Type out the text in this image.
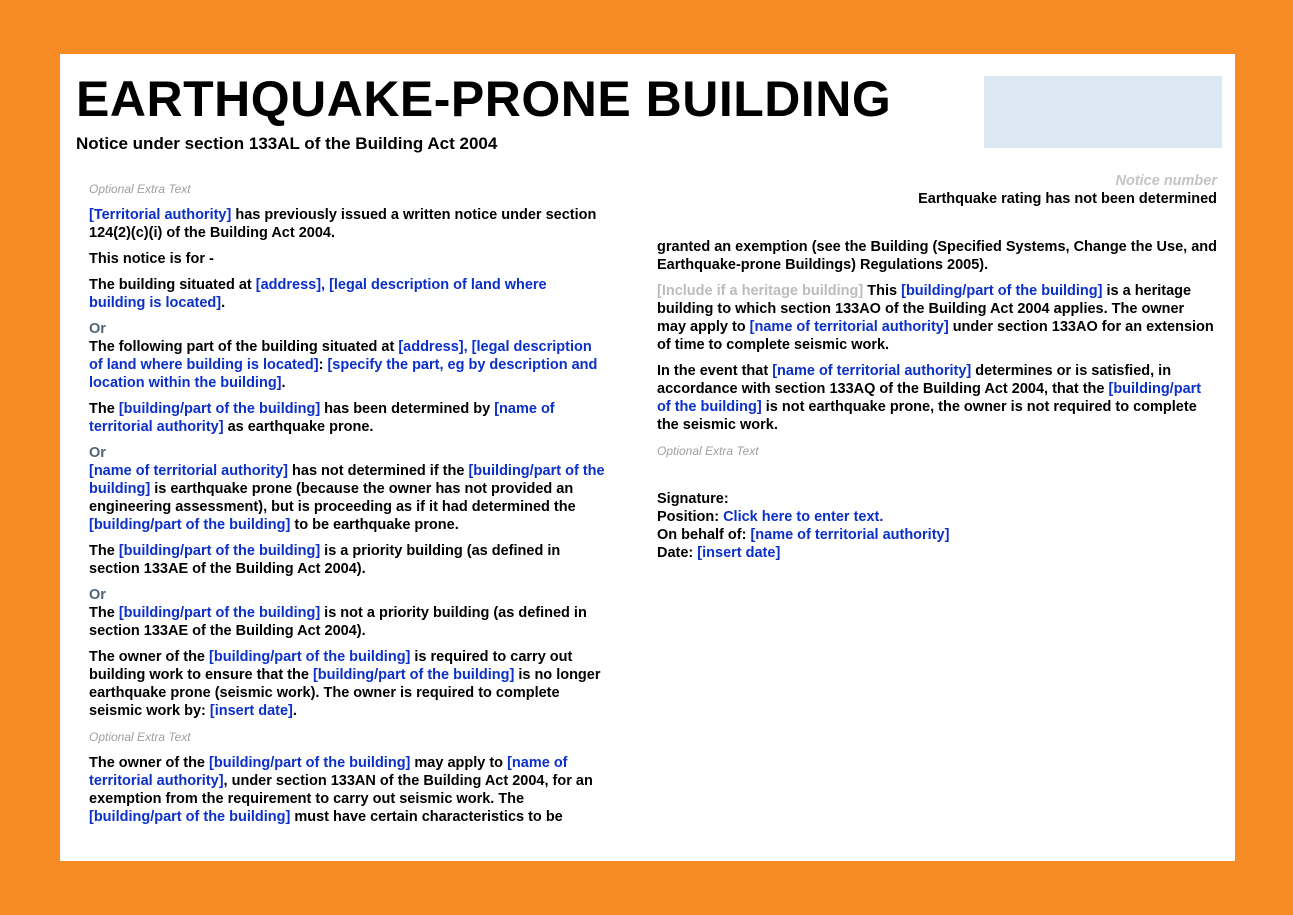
EARTHQUAKE-PRONE BUILDING

Notice under section 133AL of the Building Act 2004

Optional Extra Text

[Territorial authority] has previously issued a written notice under section 124(2)(c)(i) of the Building Act 2004.

This notice is for -

The building situated at [address], [legal description of land where building is located].

Or

The following part of the building situated at [address], [legal description of land where building is located]: [specify the part, eg by description and location within the building].

The [building/part of the building] has been determined by [name of territorial authority] as earthquake prone.

Or

[name of territorial authority] has not determined if the [building/part of the building] is earthquake prone (because the owner has not provided an engineering assessment), but is proceeding as if it had determined the [building/part of the building] to be earthquake prone.

The [building/part of the building] is a priority building (as defined in section 133AE of the Building Act 2004).

Or

The [building/part of the building] is not a priority building (as defined in section 133AE of the Building Act 2004).

The owner of the [building/part of the building] is required to carry out building work to ensure that the [building/part of the building] is no longer earthquake prone (seismic work). The owner is required to complete seismic work by: [insert date].

Optional Extra Text

The owner of the [building/part of the building] may apply to [name of territorial authority], under section 133AN of the Building Act 2004, for an exemption from the requirement to carry out seismic work. The [building/part of the building] must have certain characteristics to be

Notice number

Earthquake rating has not been determined

granted an exemption (see the Building (Specified Systems, Change the Use, and Earthquake-prone Buildings) Regulations 2005).

[Include if a heritage building] This [building/part of the building] is a heritage building to which section 133AO of the Building Act 2004 applies. The owner may apply to [name of territorial authority] under section 133AO for an extension of time to complete seismic work.

In the event that [name of territorial authority] determines or is satisfied, in accordance with section 133AQ of the Building Act 2004, that the [building/part of the building] is not earthquake prone, the owner is not required to complete the seismic work.

Optional Extra Text

Signature:

Position: Click here to enter text.

On behalf of: [name of territorial authority]

Date: [insert date]
